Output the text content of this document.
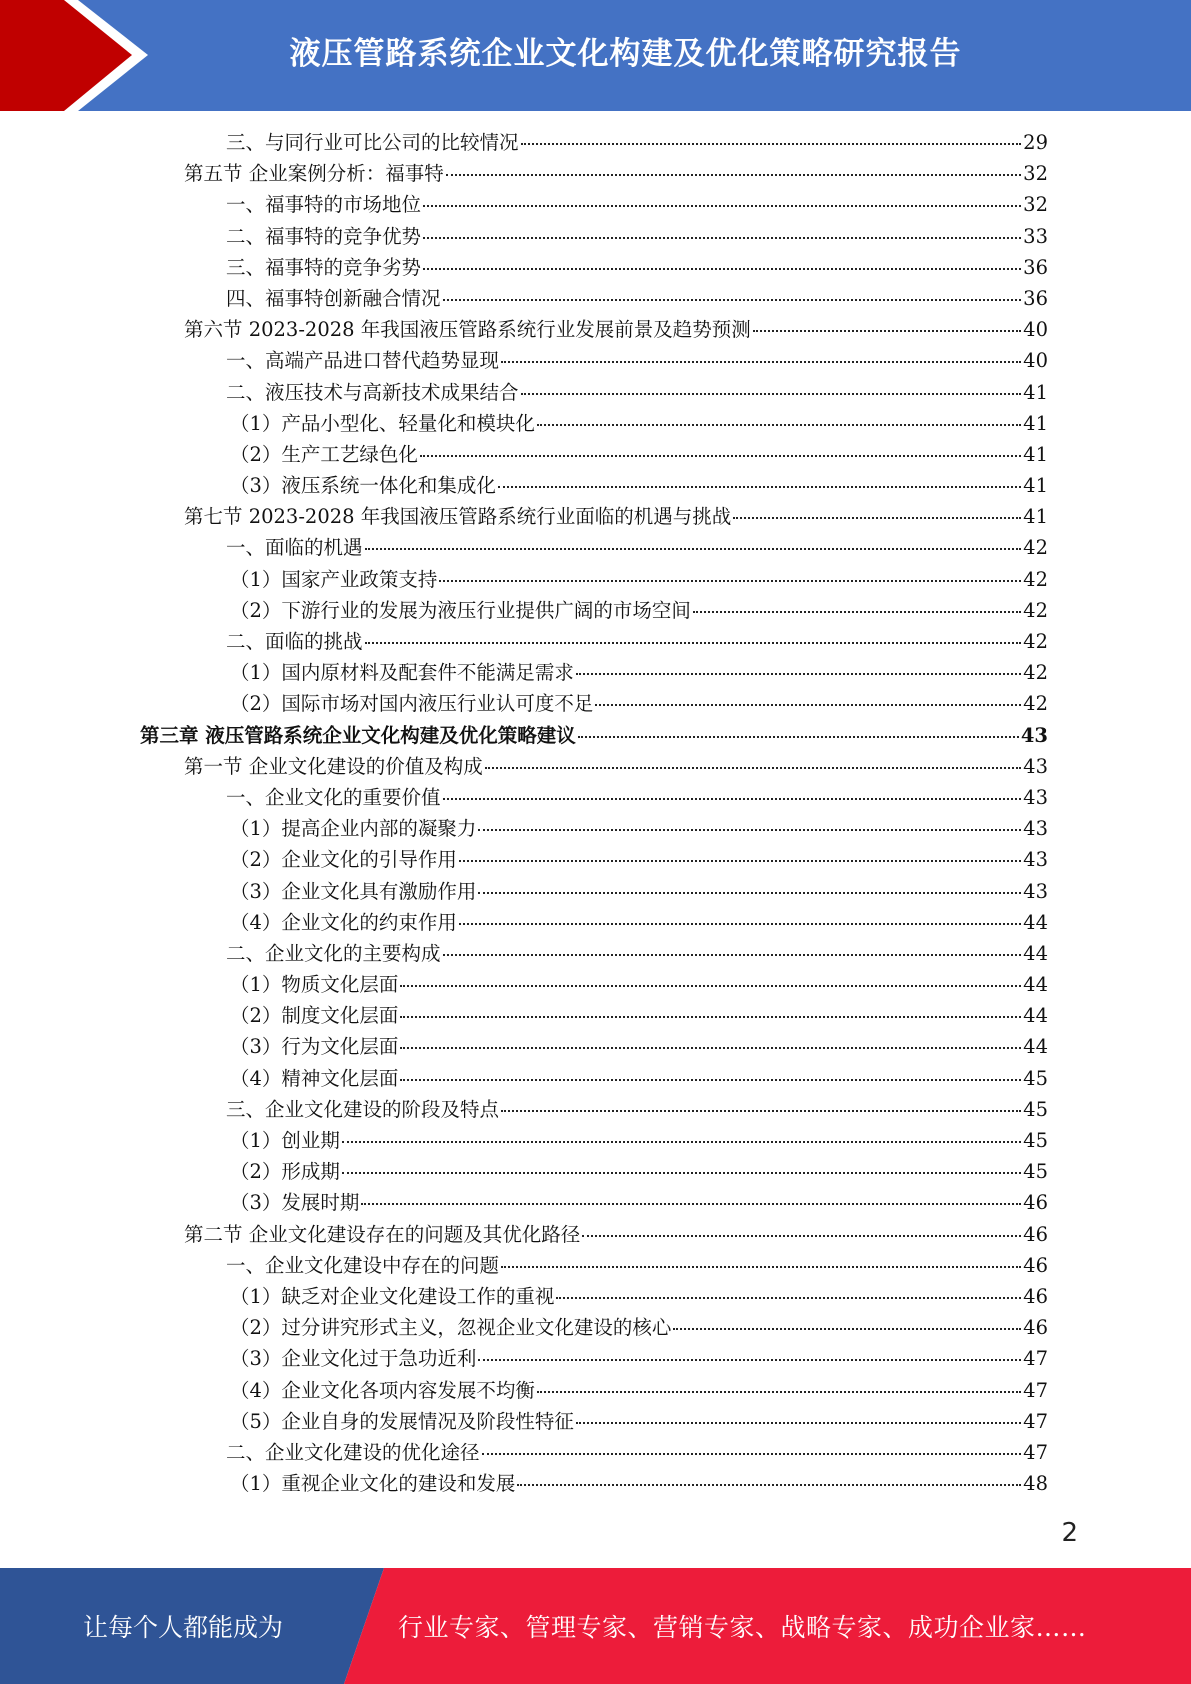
液压管路系统企业文化构建及优化策略研究报告
三、与同行业可比公司的比较情况	29
第五节 企业案例分析：福事特	32
一、福事特的市场地位	32
二、福事特的竞争优势	33
三、福事特的竞争劣势	36
四、福事特创新融合情况	36
第六节 2023-2028 年我国液压管路系统行业发展前景及趋势预测	40
一、高端产品进口替代趋势显现	40
二、液压技术与高新技术成果结合	41
（1）产品小型化、轻量化和模块化	41
（2）生产工艺绿色化	41
（3）液压系统一体化和集成化	41
第七节 2023-2028 年我国液压管路系统行业面临的机遇与挑战	41
一、面临的机遇	42
（1）国家产业政策支持	42
（2）下游行业的发展为液压行业提供广阔的市场空间	42
二、面临的挑战	42
（1）国内原材料及配套件不能满足需求	42
（2）国际市场对国内液压行业认可度不足	42
第三章 液压管路系统企业文化构建及优化策略建议	43
第一节 企业文化建设的价值及构成	43
一、企业文化的重要价值	43
（1）提高企业内部的凝聚力	43
（2）企业文化的引导作用	43
（3）企业文化具有激励作用	43
（4）企业文化的约束作用	44
二、企业文化的主要构成	44
（1）物质文化层面	44
（2）制度文化层面	44
（3）行为文化层面	44
（4）精神文化层面	45
三、企业文化建设的阶段及特点	45
（1）创业期	45
（2）形成期	45
（3）发展时期	46
第二节 企业文化建设存在的问题及其优化路径	46
一、企业文化建设中存在的问题	46
（1）缺乏对企业文化建设工作的重视	46
（2）过分讲究形式主义，忽视企业文化建设的核心	46
（3）企业文化过于急功近利	47
（4）企业文化各项内容发展不均衡	47
（5）企业自身的发展情况及阶段性特征	47
二、企业文化建设的优化途径	47
（1）重视企业文化的建设和发展	48
2
让每个人都能成为	行业专家、管理专家、营销专家、战略专家、成功企业家……
